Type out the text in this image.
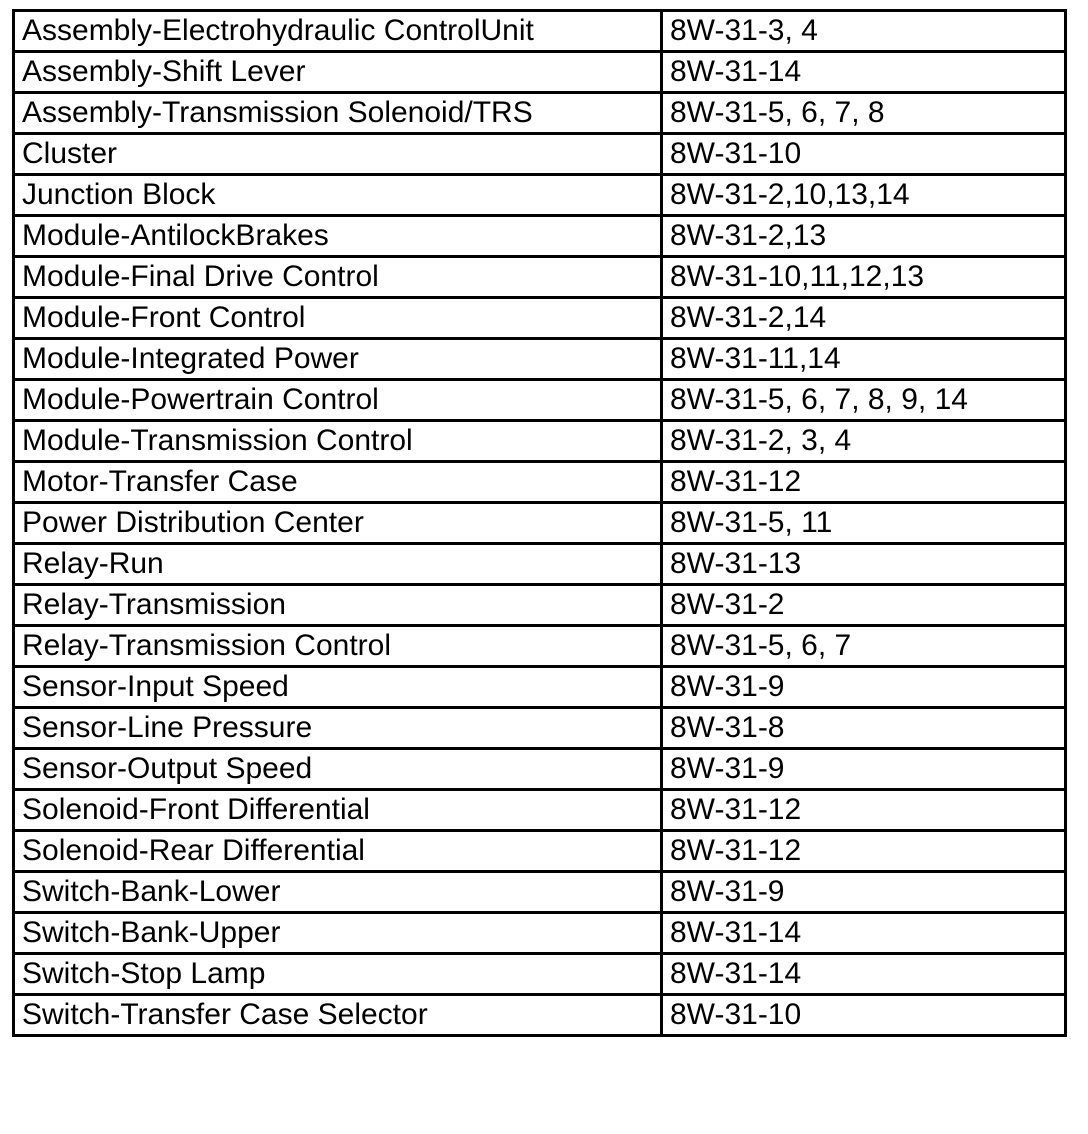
Assembly-Electrohydraulic ControlUnit	8W-31-3, 4
Assembly-Shift Lever	8W-31-14
Assembly-Transmission Solenoid/TRS	8W-31-5, 6, 7, 8
Cluster	8W-31-10
Junction Block	8W-31-2,10,13,14
Module-AntilockBrakes	8W-31-2,13
Module-Final Drive Control	8W-31-10,11,12,13
Module-Front Control	8W-31-2,14
Module-Integrated Power	8W-31-11,14
Module-Powertrain Control	8W-31-5, 6, 7, 8, 9, 14
Module-Transmission Control	8W-31-2, 3, 4
Motor-Transfer Case	8W-31-12
Power Distribution Center	8W-31-5, 11
Relay-Run	8W-31-13
Relay-Transmission	8W-31-2
Relay-Transmission Control	8W-31-5, 6, 7
Sensor-Input Speed	8W-31-9
Sensor-Line Pressure	8W-31-8
Sensor-Output Speed	8W-31-9
Solenoid-Front Differential	8W-31-12
Solenoid-Rear Differential	8W-31-12
Switch-Bank-Lower	8W-31-9
Switch-Bank-Upper	8W-31-14
Switch-Stop Lamp	8W-31-14
Switch-Transfer Case Selector	8W-31-10
